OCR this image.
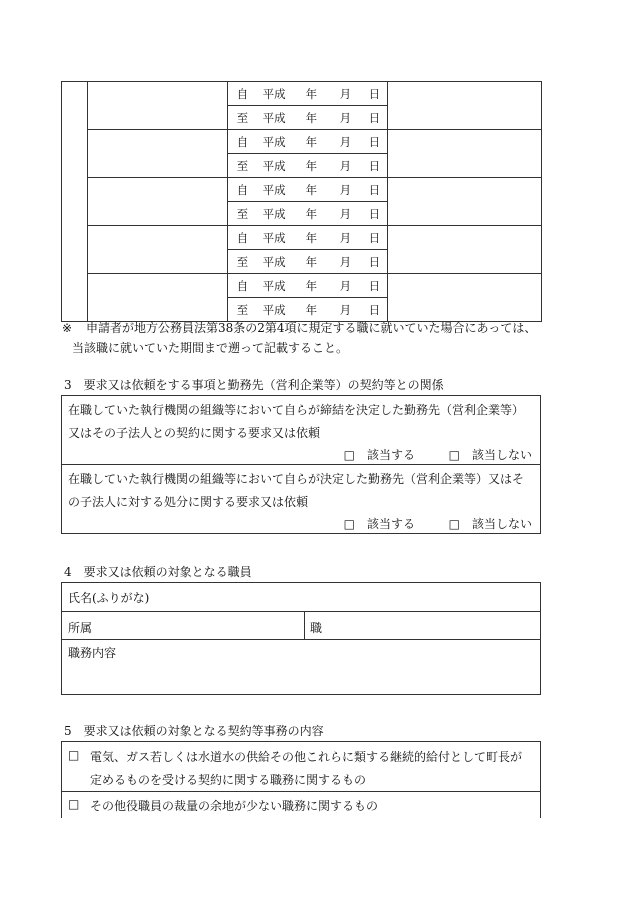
		自 平成 年 月 日	

		至 平成 年 月 日	

		自 平成 年 月 日	

		至 平成 年 月 日	

		自 平成 年 月 日	

		至 平成 年 月 日	

		自 平成 年 月 日	

		至 平成 年 月 日	

		自 平成 年 月 日	

		至 平成 年 月 日	
※ 申請者が地方公務員法第38条の2第4項に規定する職に就いていた場合にあっては、
当該職に就いていた期間まで遡って記載すること。
3　要求又は依頼をする事項と勤務先（営利企業等）の契約等との関係
在職していた執行機関の組織等において自らが締結を決定した勤務先（営利企業等）
又はその子法人との契約に関する要求又は依頼
□　該当する	□　該当しない
在職していた執行機関の組織等において自らが決定した勤務先（営利企業等）又はそ
の子法人に対する処分に関する要求又は依頼
□　該当する	□　該当しない
4　要求又は依頼の対象となる職員
氏名(ふりがな)
所属	職
職務内容
5　要求又は依頼の対象となる契約等事務の内容
□ 電気、ガス若しくは水道水の供給その他これらに類する継続的給付として町長が
定めるものを受ける契約に関する職務に関するもの
□ その他役職員の裁量の余地が少ない職務に関するもの
